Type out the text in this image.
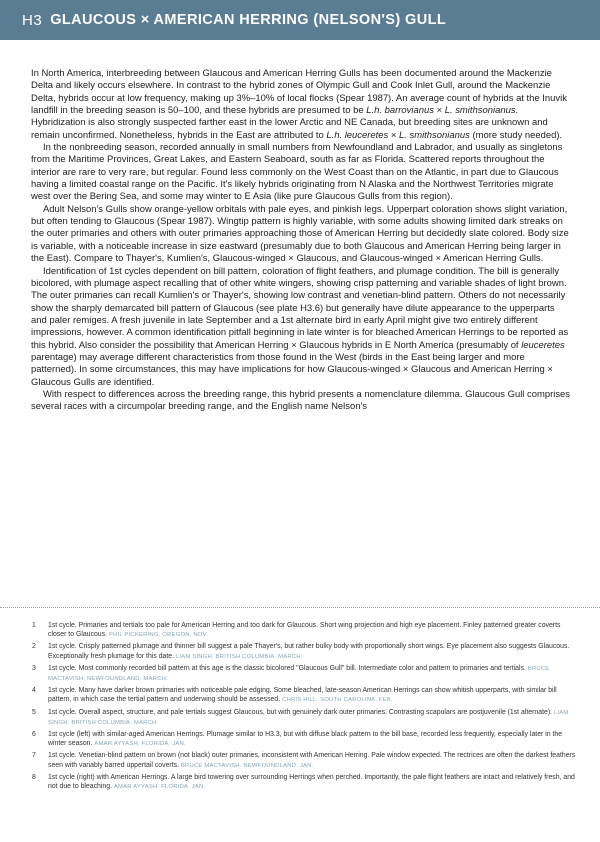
H3 GLAUCOUS × AMERICAN HERRING (NELSON'S) GULL

In North America, interbreeding between Glaucous and American Herring Gulls has been documented around the Mackenzie Delta and likely occurs elsewhere. In contrast to the hybrid zones of Olympic Gull and Cook Inlet Gull, around the Mackenzie Delta, hybrids occur at low frequency, making up 3%–10% of local flocks (Spear 1987). An average count of hybrids at the Inuvik landfill in the breeding season is 50–100, and these hybrids are presumed to be L.h. barrovianus × L. smithsonianus. Hybridization is also strongly suspected farther east in the lower Arctic and NE Canada, but breeding sites are unknown and remain unconfirmed. Nonetheless, hybrids in the East are attributed to L.h. leuceretes × L. smithsonianus (more study needed).

In the nonbreeding season, recorded annually in small numbers from Newfoundland and Labrador, and usually as singletons from the Maritime Provinces, Great Lakes, and Eastern Seaboard, south as far as Florida. Scattered reports throughout the interior are rare to very rare, but regular. Found less commonly on the West Coast than on the Atlantic, in part due to Glaucous having a limited coastal range on the Pacific. It's likely hybrids originating from N Alaska and the Northwest Territories migrate west over the Bering Sea, and some may winter to E Asia (like pure Glaucous Gulls from this region).

Adult Nelson's Gulls show orange-yellow orbitals with pale eyes, and pinkish legs. Upperpart coloration shows slight variation, but often tending to Glaucous (Spear 1987). Wingtip pattern is highly variable, with some adults showing limited dark streaks on the outer primaries and others with outer primaries approaching those of American Herring but decidedly slate colored. Body size is variable, with a noticeable increase in size eastward (presumably due to both Glaucous and American Herring being larger in the East). Compare to Thayer's, Kumlien's, Glaucous-winged × Glaucous, and Glaucous-winged × American Herring Gulls.

Identification of 1st cycles dependent on bill pattern, coloration of flight feathers, and plumage condition. The bill is generally bicolored, with plumage aspect recalling that of other white wingers, showing crisp patterning and variable shades of light brown. The outer primaries can recall Kumlien's or Thayer's, showing low contrast and venetian-blind pattern. Others do not necessarily show the sharply demarcated bill pattern of Glaucous (see plate H3.6) but generally have dilute appearance to the upperparts and paler remiges. A fresh juvenile in late September and a 1st alternate bird in early April might give two entirely different impressions, however. A common identification pitfall beginning in late winter is for bleached American Herrings to be reported as this hybrid. Also consider the possibility that American Herring × Glaucous hybrids in E North America (presumably of leuceretes parentage) may average different characteristics from those found in the West (birds in the East being larger and more patterned). In some circumstances, this may have implications for how Glaucous-winged × Glaucous and American Herring × Glaucous Gulls are identified.

With respect to differences across the breeding range, this hybrid presents a nomenclature dilemma. Glaucous Gull comprises several races with a circumpolar breeding range, and the English name Nelson's

1	1st cycle. Primaries and tertials too pale for American Herring and too dark for Glaucous. Short wing projection and high eye placement. Finley patterned greater coverts closer to Glaucous. PHIL PICKERING. OREGON. NOV.
2	1st cycle. Crisply patterned plumage and thinner bill suggest a pale Thayer's, but rather bulky body with proportionally short wings. Eye placement also suggests Glaucous. Exceptionally fresh plumage for this date. LIAM SINGH. BRITISH COLUMBIA. MARCH.
3	1st cycle. Most commonly recorded bill pattern at this age is the classic bicolored "Glaucous Gull" bill. Intermediate color and pattern to primaries and tertials. BRUCE MACTAVISH. NEWFOUNDLAND. MARCH.
4	1st cycle. Many have darker brown primaries with noticeable pale edging. Some bleached, late-season American Herrings can show whitish upperparts, with similar bill pattern, in which case the tertial pattern and underwing should be assessed. CHRIS HILL. SOUTH CAROLINA. FEB.
5	1st cycle. Overall aspect, structure, and pale tertials suggest Glaucous, but with genuinely dark outer primaries. Contrasting scapulars are postjuvenile (1st alternate). LIAM SINGH. BRITISH COLUMBIA. MARCH.
6	1st cycle (left) with similar-aged American Herrings. Plumage similar to H3.3, but with diffuse black pattern to the bill base, recorded less frequently, especially later in the winter season. AMAR AYYASH. FLORIDA. JAN.
7	1st cycle. Venetian-blind pattern on brown (not black) outer primaries, inconsistent with American Herring. Pale window expected. The rectrices are often the darkest feathers seen with variably barred uppertail coverts. BRUCE MACTAVISH. NEWFOUNDLAND. JAN.
8	1st cycle (right) with American Herrings. A large bird towering over surrounding Herrings when perched. Importantly, the pale flight feathers are intact and relatively fresh, and not due to bleaching. AMAR AYYASH. FLORIDA. JAN.
